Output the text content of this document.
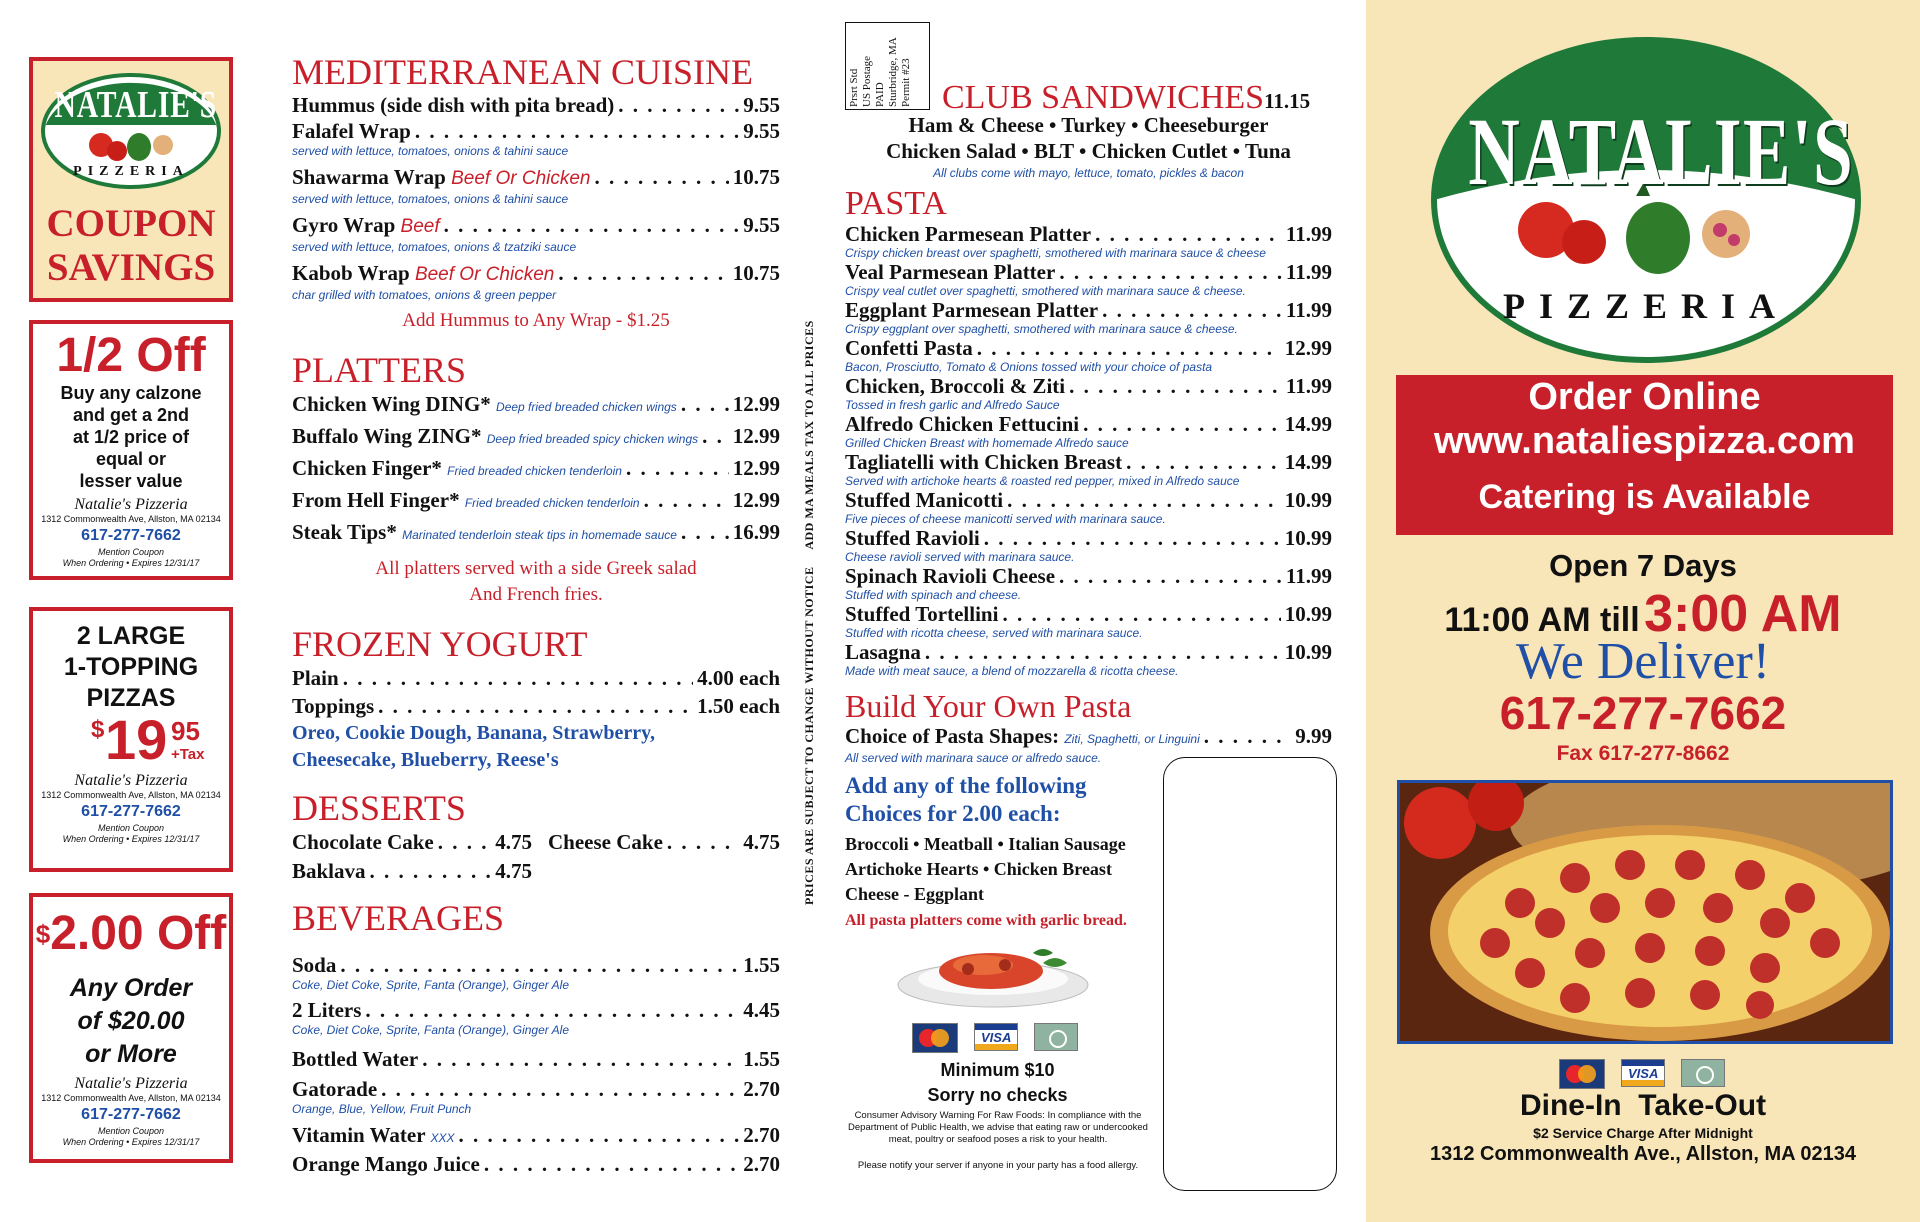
NATALIE'S
PIZZERIA
COUPON
SAVINGS
1/2 Off
Buy any calzone
and get a 2nd
at 1/2 price of
equal or
lesser value
Natalie's Pizzeria
1312 Commonwealth Ave, Allston, MA 02134
617-277-7662
Mention Coupon
When Ordering • Expires 12/31/17
2 LARGE
1-TOPPING
PIZZAS
$ 19 95
+Tax
Natalie's Pizzeria
1312 Commonwealth Ave, Allston, MA 02134
617-277-7662
Mention Coupon
When Ordering • Expires 12/31/17
$2.00 Off
Any Order
of $20.00
or More
Natalie's Pizzeria
1312 Commonwealth Ave, Allston, MA 02134
617-277-7662
Mention Coupon
When Ordering • Expires 12/31/17
MEDITERRANEAN CUISINE
Hummus (side dish with pita bread) . . .	9.55
Falafel Wrap . . .	9.55
served with lettuce, tomatoes, onions & tahini sauce
Shawarma Wrap Beef Or Chicken . . .	10.75
served with lettuce, tomatoes, onions & tahini sauce
Gyro Wrap Beef . . .	9.55
served with lettuce, tomatoes, onions & tzatziki sauce
Kabob Wrap Beef Or Chicken . . .	10.75
char grilled with tomatoes, onions & green pepper
Add Hummus to Any Wrap - $1.25
PLATTERS
Chicken Wing DING* Deep fried breaded chicken wings . . .	12.99
Buffalo Wing ZING* Deep fried breaded spicy chicken wings . . . 12.99
Chicken Finger* Fried breaded chicken tenderloin . . .	12.99
From Hell Finger* Fried breaded chicken tenderloin . . .	12.99
Steak Tips* Marinated tenderloin steak tips in homemade sauce . . .	16.99
All platters served with a side Greek salad
And French fries.
FROZEN YOGURT
Plain . . .	4.00 each
Toppings . . .	1.50 each
Oreo, Cookie Dough, Banana, Strawberry,
Cheesecake, Blueberry, Reese's
DESSERTS
Chocolate Cake . . .	4.75 Cheese Cake . . .	4.75
Baklava . . .	4.75
BEVERAGES
Soda . . .	1.55
Coke, Diet Coke, Sprite, Fanta (Orange), Ginger Ale
2 Liters . . .	4.45
Coke, Diet Coke, Sprite, Fanta (Orange), Ginger Ale
Bottled Water . . .	1.55
Gatorade . . .	2.70
Orange, Blue, Yellow, Fruit Punch
Vitamin Water XXX . . .	2.70
Orange Mango Juice . . .	2.70
PRICES ARE SUBJECT TO CHANGE WITHOUT NOTICE     ADD MA MEALS TAX TO ALL PRICES
Prsrt Std US Postage PAID Sturbridge, MA Permit #23 CLUB SANDWICHES11.15
Ham & Cheese • Turkey • Cheeseburger
Chicken Salad • BLT • Chicken Cutlet • Tuna
All clubs come with mayo, lettuce, tomato, pickles & bacon
PASTA
Chicken Parmesean Platter . . .	11.99
Crispy chicken breast over spaghetti, smothered with marinara sauce & cheese
Veal Parmesean Platter . . .	11.99
Crispy veal cutlet over spaghetti, smothered with marinara sauce & cheese.
Eggplant Parmesean Platter . . .	11.99
Crispy eggplant over spaghetti, smothered with marinara sauce & cheese.
Confetti Pasta . . .	12.99
Bacon, Prosciutto, Tomato & Onions tossed with your choice of pasta
Chicken, Broccoli & Ziti . . .	11.99
Tossed in fresh garlic and Alfredo Sauce
Alfredo Chicken Fettucini . . .	14.99
Grilled Chicken Breast with homemade Alfredo sauce
Tagliatelli with Chicken Breast . . .	14.99
Served with artichoke hearts & roasted red pepper, mixed in Alfredo sauce
Stuffed Manicotti . . .	10.99
Five pieces of cheese manicotti served with marinara sauce.
Stuffed Ravioli . . .	10.99
Cheese ravioli served with marinara sauce.
Spinach Ravioli Cheese . . .	11.99
Stuffed with spinach and cheese.
Stuffed Tortellini . . .	10.99
Stuffed with ricotta cheese, served with marinara sauce.
Lasagna . . .	10.99
Made with meat sauce, a blend of mozzarella & ricotta cheese.
Build Your Own Pasta
Choice of Pasta Shapes: Ziti, Spaghetti, or Linguini . . .	9.99
All served with marinara sauce or alfredo sauce.
Add any of the following
Choices for 2.00 each:
Broccoli • Meatball • Italian Sausage
Artichoke Hearts • Chicken Breast
Cheese - Eggplant
All pasta platters come with garlic bread.
VISA
Minimum $10
Sorry no checks
Consumer Advisory Warning For Raw Foods: In compliance with the Department of Public Health, we advise that eating raw or undercooked meat, poultry or seafood poses a risk to your health.
Please notify your server if anyone in your party has a food allergy.
NATALIE'S
PIZZERIA
Order Online
www.nataliespizza.com
Catering is Available
Open 7 Days
11:00 AM till 3:00 AM
We Deliver!
617-277-7662
Fax 617-277-8662
VISA
Dine-In  Take-Out
$2 Service Charge After Midnight
1312 Commonwealth Ave., Allston, MA 02134
